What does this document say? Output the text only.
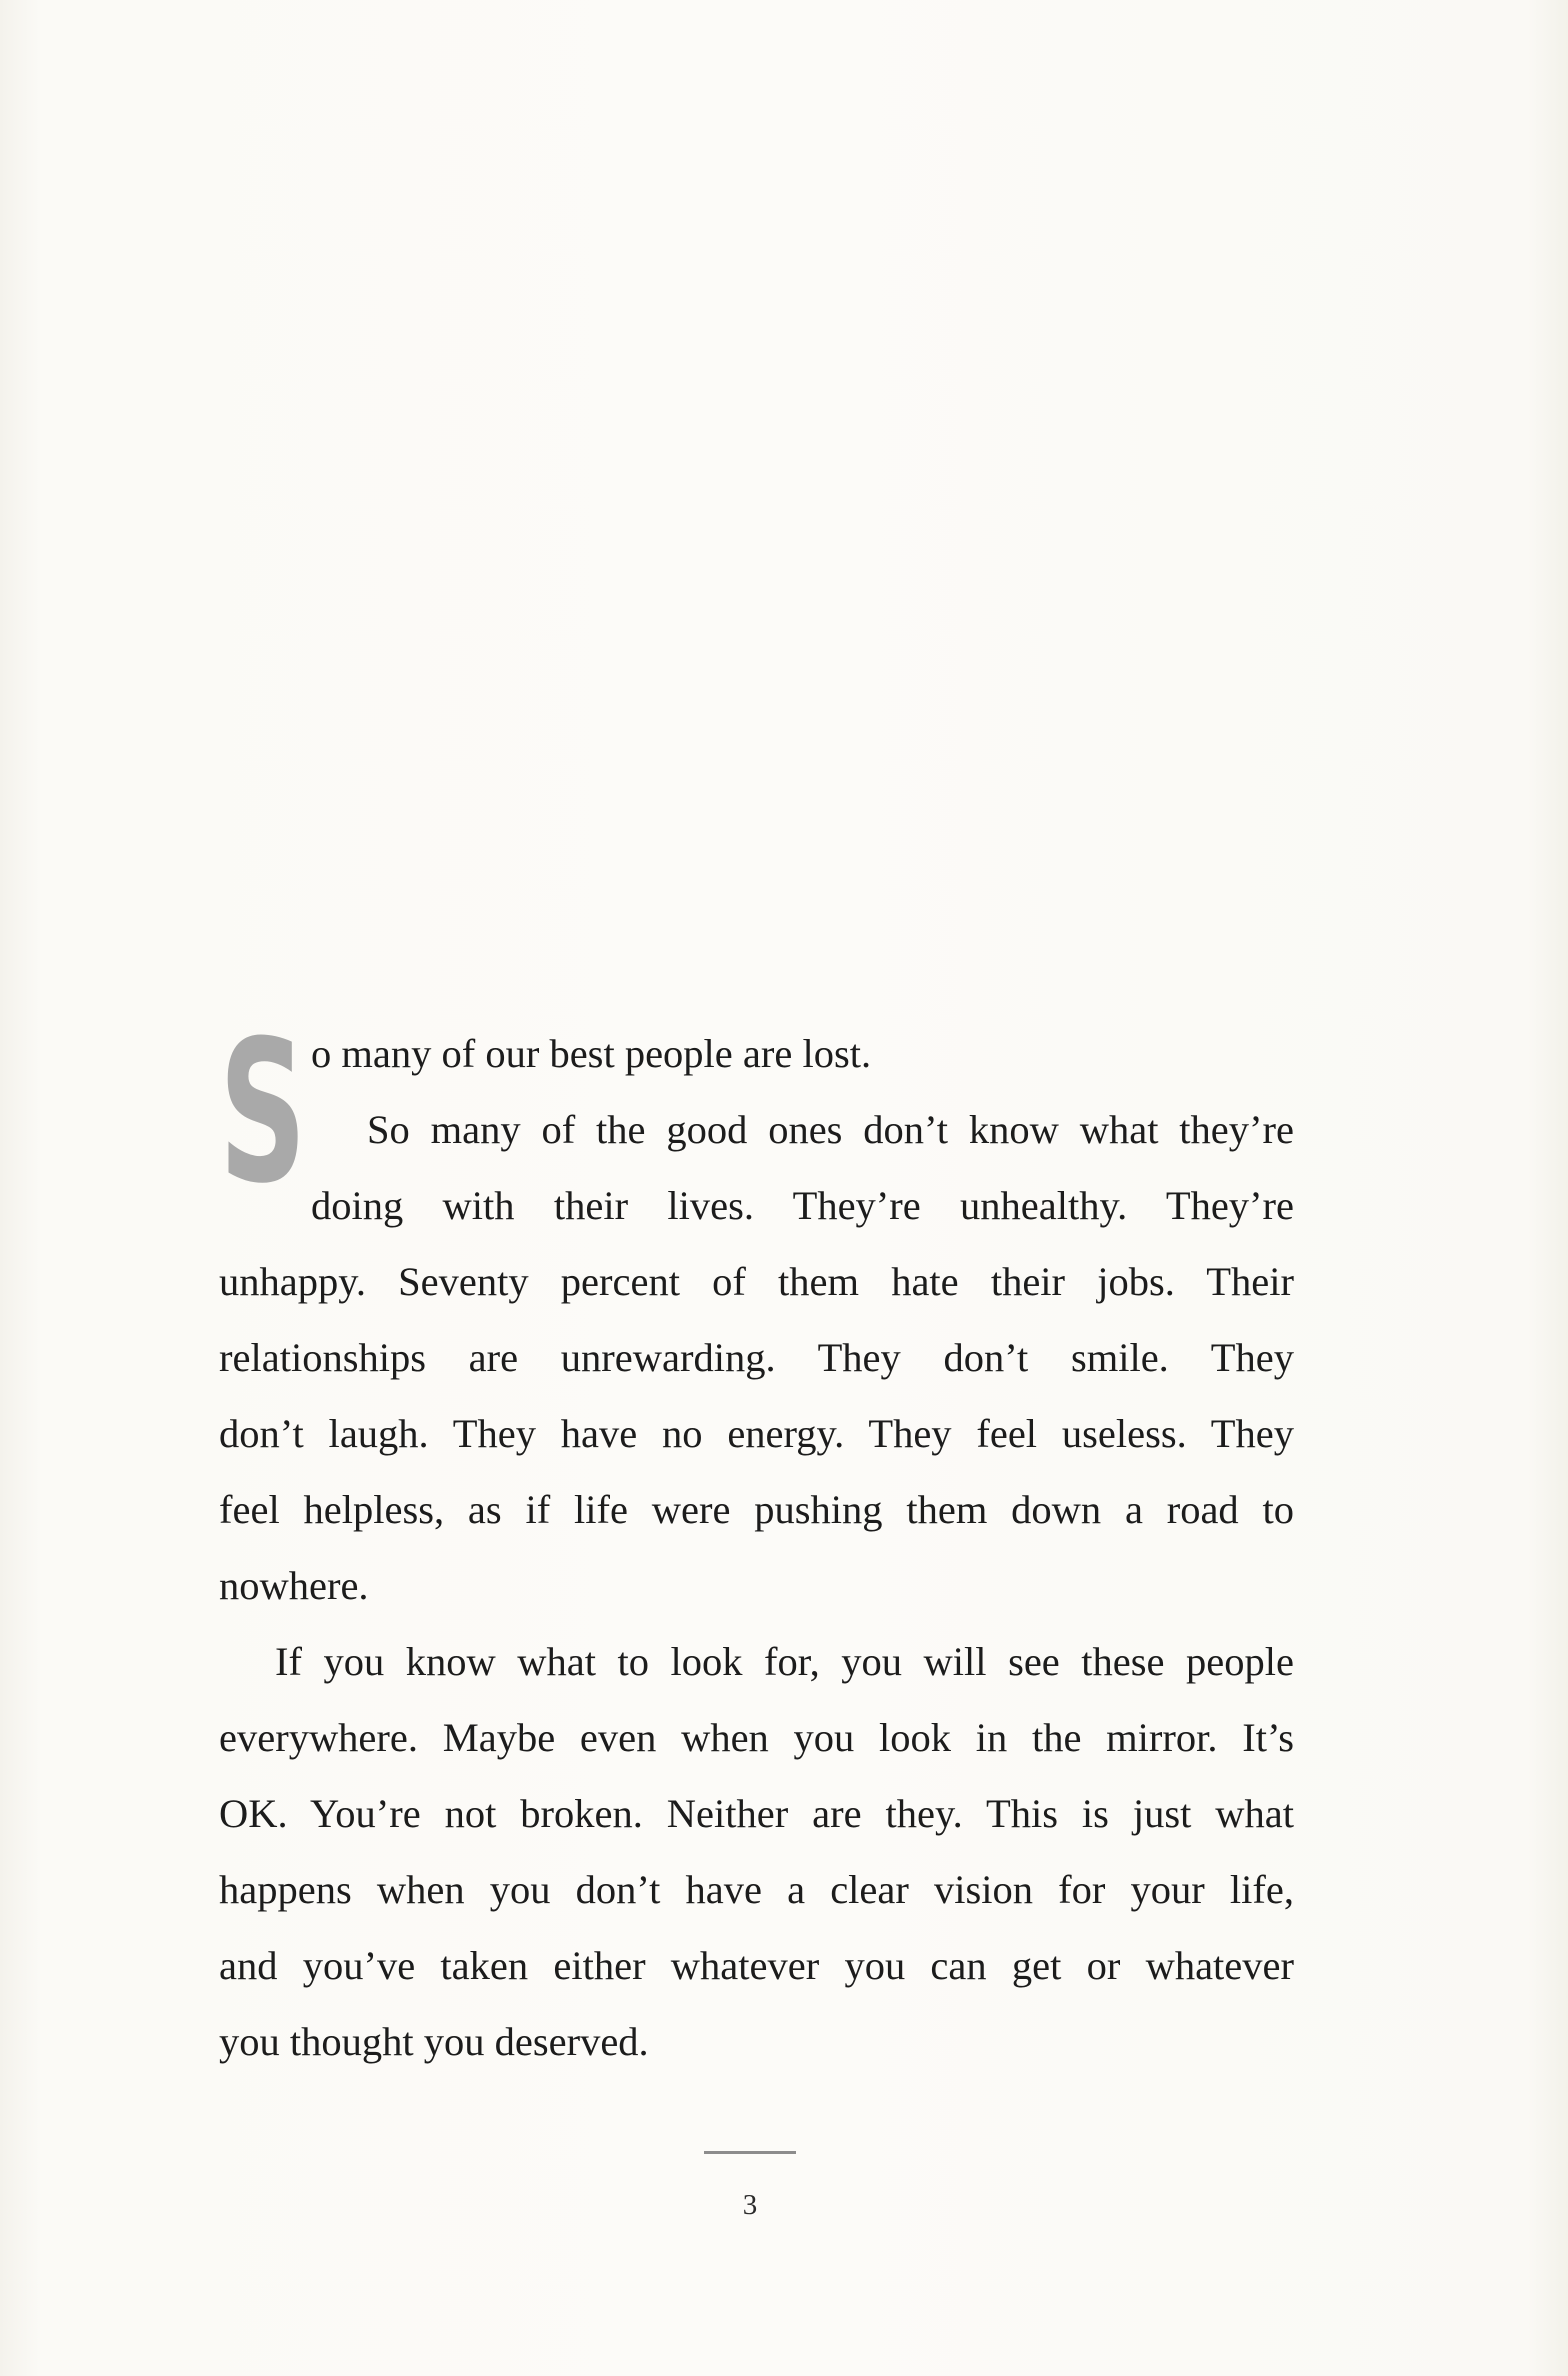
S o many of our best people are lost.

So many of the good ones don’t know what they’re
doing with their lives. They’re unhealthy. They’re
unhappy. Seventy percent of them hate their jobs. Their
relationships are unrewarding. They don’t smile. They
don’t laugh. They have no energy. They feel useless. They
feel helpless, as if life were pushing them down a road to
nowhere.

If you know what to look for, you will see these people
everywhere. Maybe even when you look in the mirror. It’s
OK. You’re not broken. Neither are they. This is just what
happens when you don’t have a clear vision for your life,
and you’ve taken either whatever you can get or whatever
you thought you deserved.

3
